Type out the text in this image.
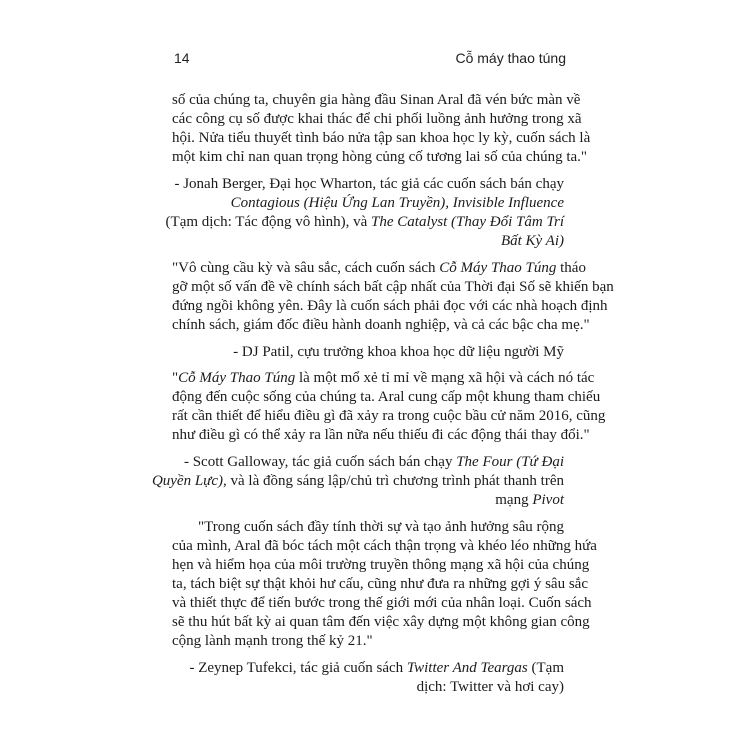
14	Cỗ máy thao túng
số của chúng ta, chuyên gia hàng đầu Sinan Aral đã vén bức màn về
các công cụ số được khai thác để chi phối luồng ảnh hưởng trong xã
hội. Nửa tiểu thuyết tình báo nửa tập san khoa học ly kỳ, cuốn sách là
một kim chỉ nan quan trọng hòng củng cố tương lai số của chúng ta."
- Jonah Berger, Đại học Wharton, tác giả các cuốn sách bán chạy
Contagious (Hiệu Ứng Lan Truyền), Invisible Influence
(Tạm dịch: Tác động vô hình), và The Catalyst (Thay Đổi Tâm Trí
Bất Kỳ Ai)
"Vô cùng cầu kỳ và sâu sắc, cách cuốn sách Cỗ Máy Thao Túng tháo
gỡ một số vấn đề về chính sách bất cập nhất của Thời đại Số sẽ khiến bạn
đứng ngồi không yên. Đây là cuốn sách phải đọc với các nhà hoạch định
chính sách, giám đốc điều hành doanh nghiệp, và cả các bậc cha mẹ."
- DJ Patil, cựu trưởng khoa khoa học dữ liệu người Mỹ
"Cỗ Máy Thao Túng là một mổ xẻ tỉ mỉ về mạng xã hội và cách nó tác
động đến cuộc sống của chúng ta. Aral cung cấp một khung tham chiếu
rất cần thiết để hiểu điều gì đã xảy ra trong cuộc bầu cử năm 2016, cũng
như điều gì có thể xảy ra lần nữa nếu thiếu đi các động thái thay đổi."
- Scott Galloway, tác giả cuốn sách bán chạy The Four (Tứ Đại
Quyền Lực), và là đồng sáng lập/chủ trì chương trình phát thanh trên
mạng Pivot
"Trong cuốn sách đầy tính thời sự và tạo ảnh hưởng sâu rộng
của mình, Aral đã bóc tách một cách thận trọng và khéo léo những hứa
hẹn và hiểm họa của môi trường truyền thông mạng xã hội của chúng
ta, tách biệt sự thật khỏi hư cấu, cũng như đưa ra những gợi ý sâu sắc
và thiết thực để tiến bước trong thế giới mới của nhân loại. Cuốn sách
sẽ thu hút bất kỳ ai quan tâm đến việc xây dựng một không gian công
cộng lành mạnh trong thế kỷ 21."
- Zeynep Tufekci, tác giả cuốn sách Twitter And Teargas (Tạm
dịch: Twitter và hơi cay)
